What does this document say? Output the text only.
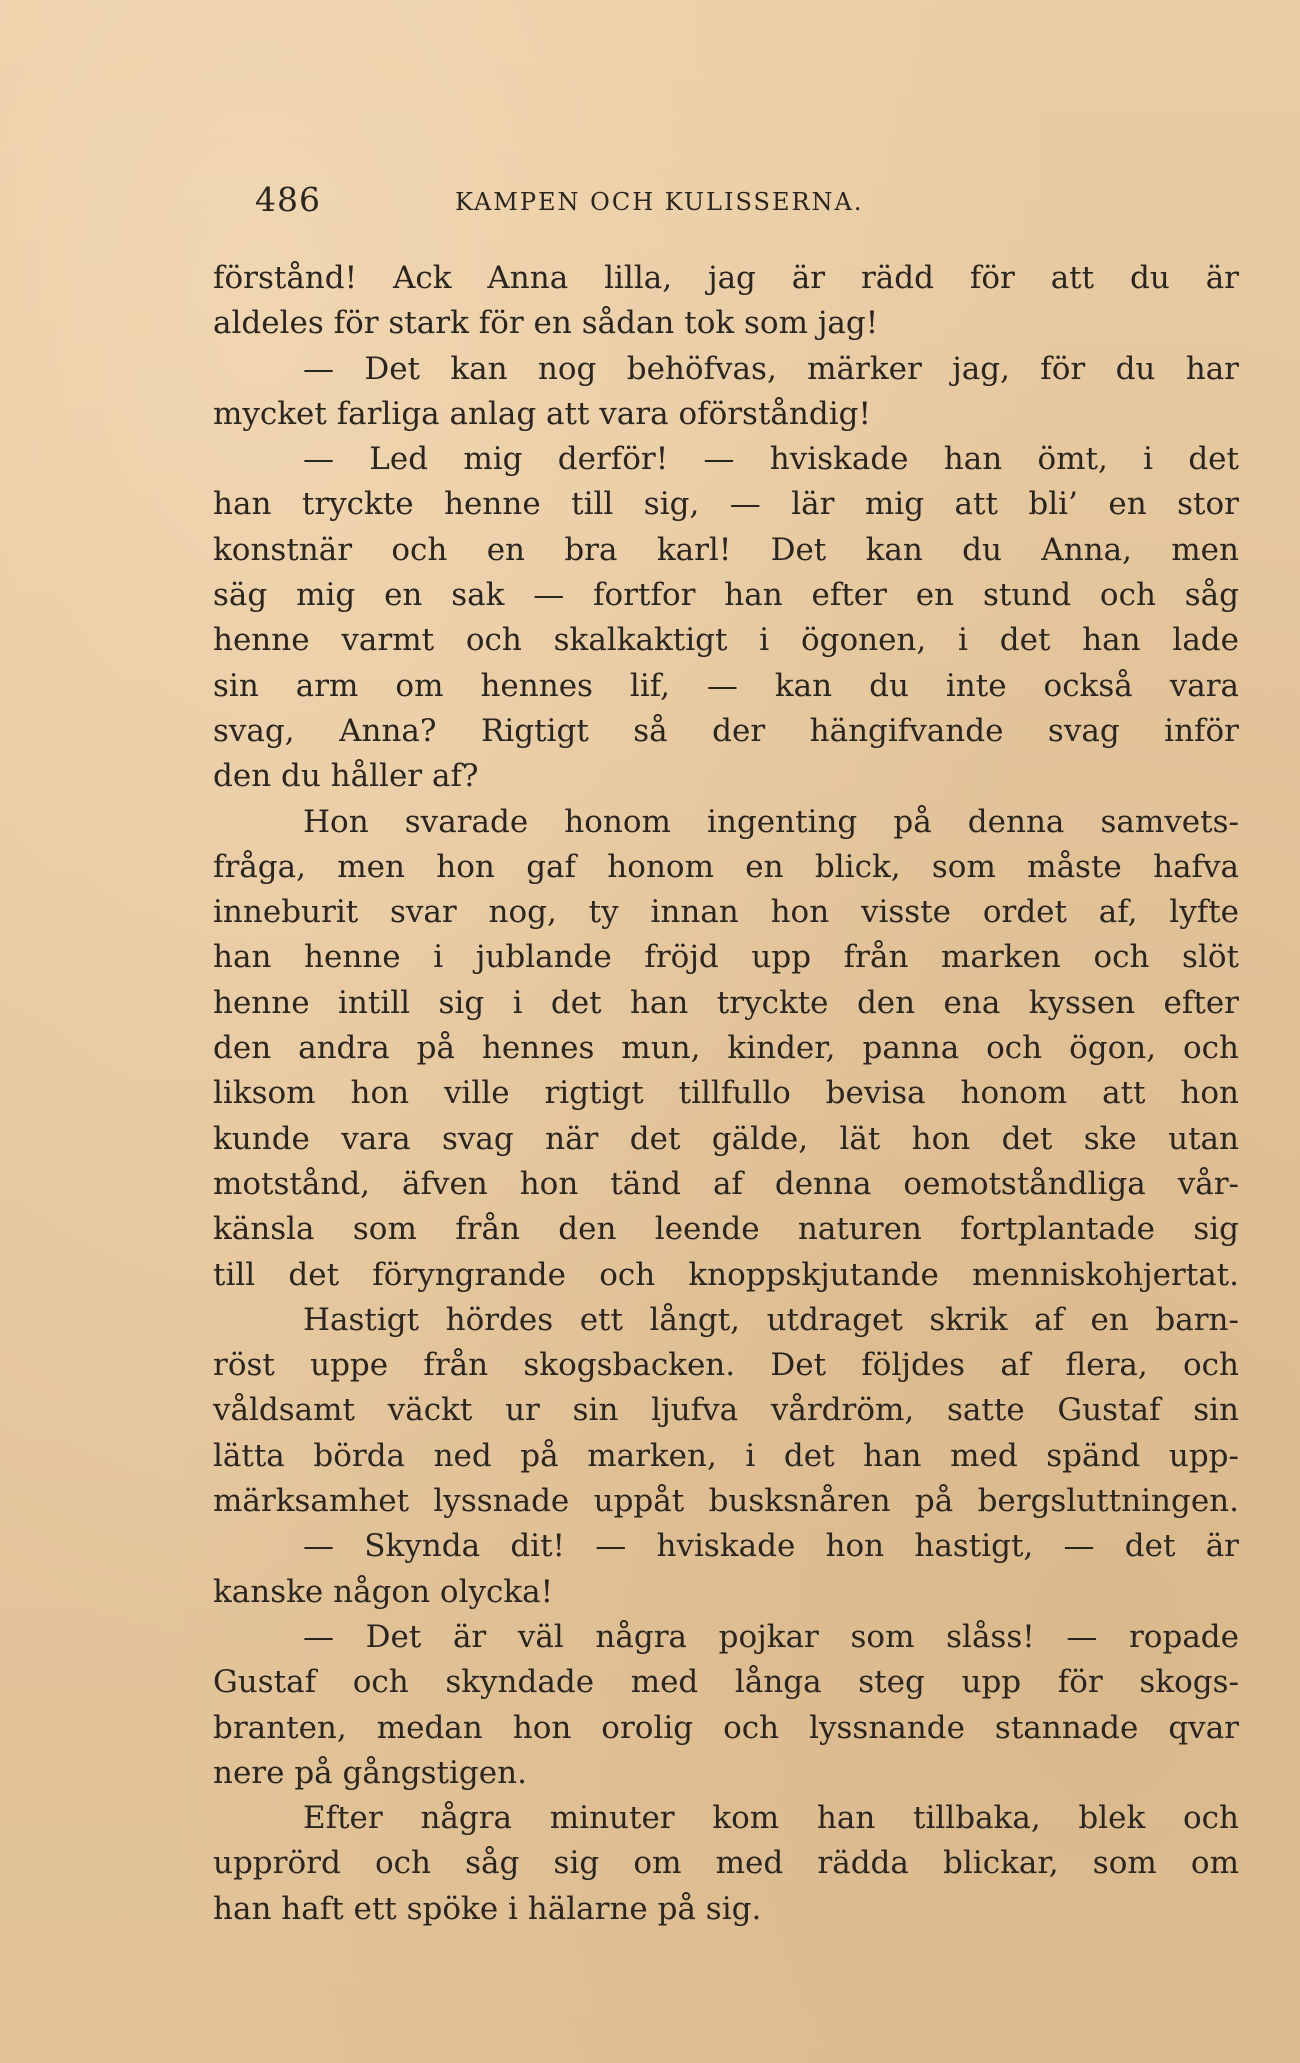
486	KAMPEN OCH KULISSERNA.
förstånd! Ack Anna lilla, jag är rädd för att du är
aldeles för stark för en sådan tok som jag!
— Det kan nog behöfvas, märker jag, för du har
mycket farliga anlag att vara oförståndig!
— Led mig derför! — hviskade han ömt, i det
han tryckte henne till sig, — lär mig att bli’ en stor
konstnär och en bra karl! Det kan du Anna, men
säg mig en sak — fortfor han efter en stund och såg
henne varmt och skalkaktigt i ögonen, i det han lade
sin arm om hennes lif, — kan du inte också vara
svag, Anna? Rigtigt så der hängifvande svag inför
den du håller af?
Hon svarade honom ingenting på denna samvets-
fråga, men hon gaf honom en blick, som måste hafva
inneburit svar nog, ty innan hon visste ordet af, lyfte
han henne i jublande fröjd upp från marken och slöt
henne intill sig i det han tryckte den ena kyssen efter
den andra på hennes mun, kinder, panna och ögon, och
liksom hon ville rigtigt tillfullo bevisa honom att hon
kunde vara svag när det gälde, lät hon det ske utan
motstånd, äfven hon tänd af denna oemotståndliga vår-
känsla som från den leende naturen fortplantade sig
till det föryngrande och knoppskjutande menniskohjertat.
Hastigt hördes ett långt, utdraget skrik af en barn-
röst uppe från skogsbacken. Det följdes af flera, och
våldsamt väckt ur sin ljufva vårdröm, satte Gustaf sin
lätta börda ned på marken, i det han med spänd upp-
märksamhet lyssnade uppåt busksnåren på bergsluttningen.
— Skynda dit! — hviskade hon hastigt, — det är
kanske någon olycka!
— Det är väl några pojkar som slåss! — ropade
Gustaf och skyndade med långa steg upp för skogs-
branten, medan hon orolig och lyssnande stannade qvar
nere på gångstigen.
Efter några minuter kom han tillbaka, blek och
upprörd och såg sig om med rädda blickar, som om
han haft ett spöke i hälarne på sig.
